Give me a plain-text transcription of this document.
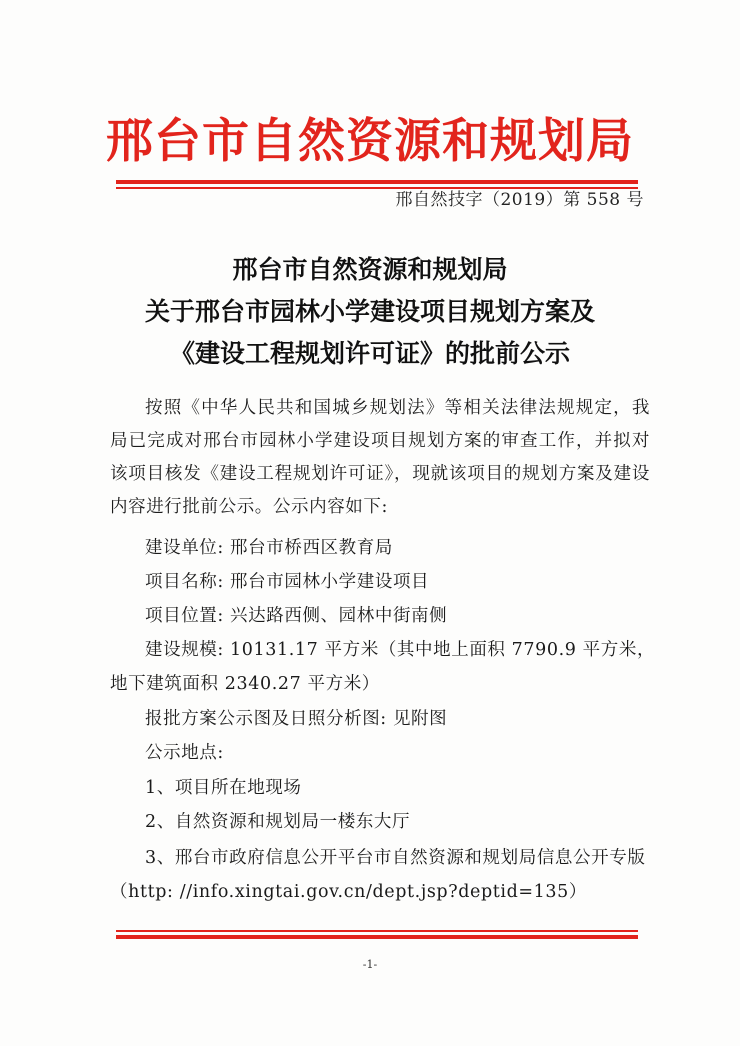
邢台市自然资源和规划局
邢自然技字（2019）第 558 号
邢台市自然资源和规划局
关于邢台市园林小学建设项目规划方案及
《建设工程规划许可证》的批前公示
按照《中华人民共和国城乡规划法》等相关法律法规规定，我局已完成对邢台市园林小学建设项目规划方案的审查工作，并拟对该项目核发《建设工程规划许可证》，现就该项目的规划方案及建设内容进行批前公示。公示内容如下:
建设单位: 邢台市桥西区教育局
项目名称: 邢台市园林小学建设项目
项目位置: 兴达路西侧、园林中街南侧
建设规模: 10131.17 平方米（其中地上面积 7790.9 平方米，
地下建筑面积 2340.27 平方米）
报批方案公示图及日照分析图: 见附图
公示地点:
1、项目所在地现场
2、自然资源和规划局一楼东大厅
3、邢台市政府信息公开平台市自然资源和规划局信息公开专版
（http: //info.xingtai.gov.cn/dept.jsp?deptid=135）
-1-
